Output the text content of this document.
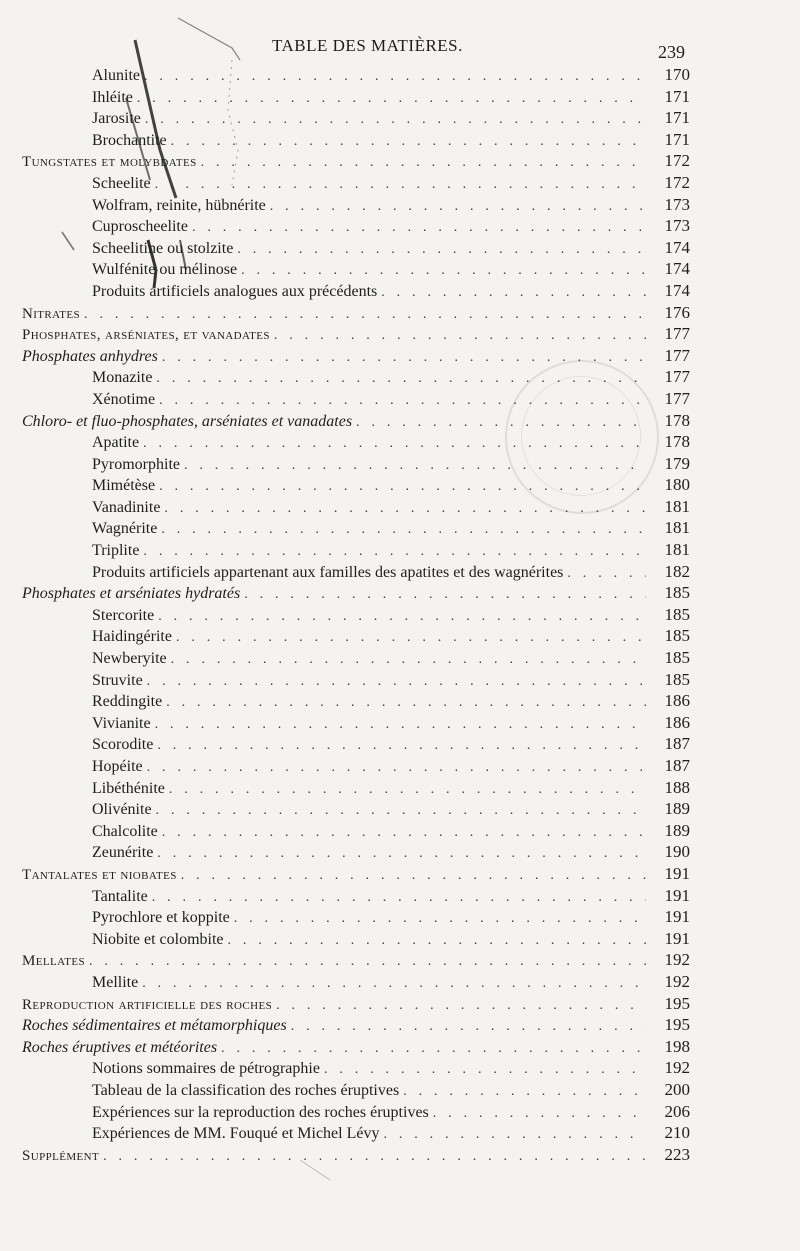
TABLE DES MATIÈRES.	239
Alunite . . .	170
Ihléite . . .	171
Jarosite . . .	171
Brochantite . . .	171
Tungstates et molybdates . . .	172
Scheelite . . .	172
Wolfram, reinite, hübnérite . . .	173
Cuproscheelite . . .	173
Scheelitine ou stolzite . . .	174
Wulfénite ou mélinose . . .	174
Produits artificiels analogues aux précédents . . .	174
Nitrates . . .	176
Phosphates, arséniates, et vanadates . . .	177
Phosphates anhydres . . .	177
Monazite . . .	177
Xénotime . . .	177
Chloro- et fluo-phosphates, arséniates et vanadates . . .	178
Apatite . . .	178
Pyromorphite . . .	179
Mimétèse . . .	180
Vanadinite . . .	181
Wagnérite . . .	181
Triplite . . .	181
Produits artificiels appartenant aux familles des apatites et des wagnérites . . .	182
Phosphates et arséniates hydratés . . .	185
Stercorite . . .	185
Haidingérite . . .	185
Newberyite . . .	185
Struvite . . .	185
Reddingite . . .	186
Vivianite . . .	186
Scorodite . . .	187
Hopéite . . .	187
Libéthénite . . .	188
Olivénite . . .	189
Chalcolite . . .	189
Zeunérite . . .	190
Tantalates et niobates . . .	191
Tantalite . . .	191
Pyrochlore et koppite . . .	191
Niobite et colombite . . .	191
Mellates . . .	192
Mellite . . .	192
Reproduction artificielle des roches . . .	195
Roches sédimentaires et métamorphiques . . .	195
Roches éruptives et météorites . . .	198
Notions sommaires de pétrographie . . .	192
Tableau de la classification des roches éruptives . . .	200
Expériences sur la reproduction des roches éruptives . . .	206
Expériences de MM. Fouqué et Michel Lévy . . .	210
Supplément . . .	223
